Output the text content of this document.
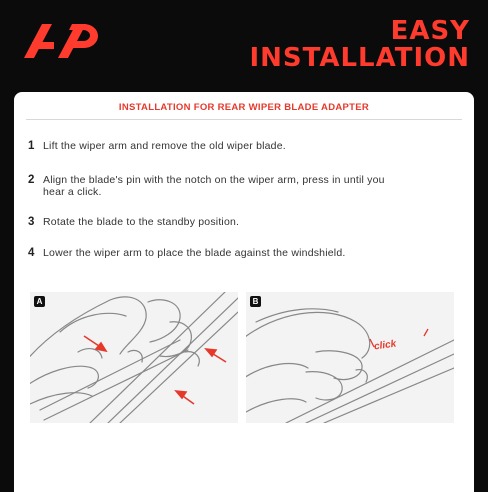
EASY
INSTALLATION
INSTALLATION FOR REAR WIPER BLADE ADAPTER
1 Lift the wiper arm and remove the old wiper blade.
2 Align the blade's pin with the notch on the wiper arm, press in until you hear a click.
3 Rotate the blade to the standby position.
4 Lower the wiper arm to place the blade against the windshield.
A	B
click
